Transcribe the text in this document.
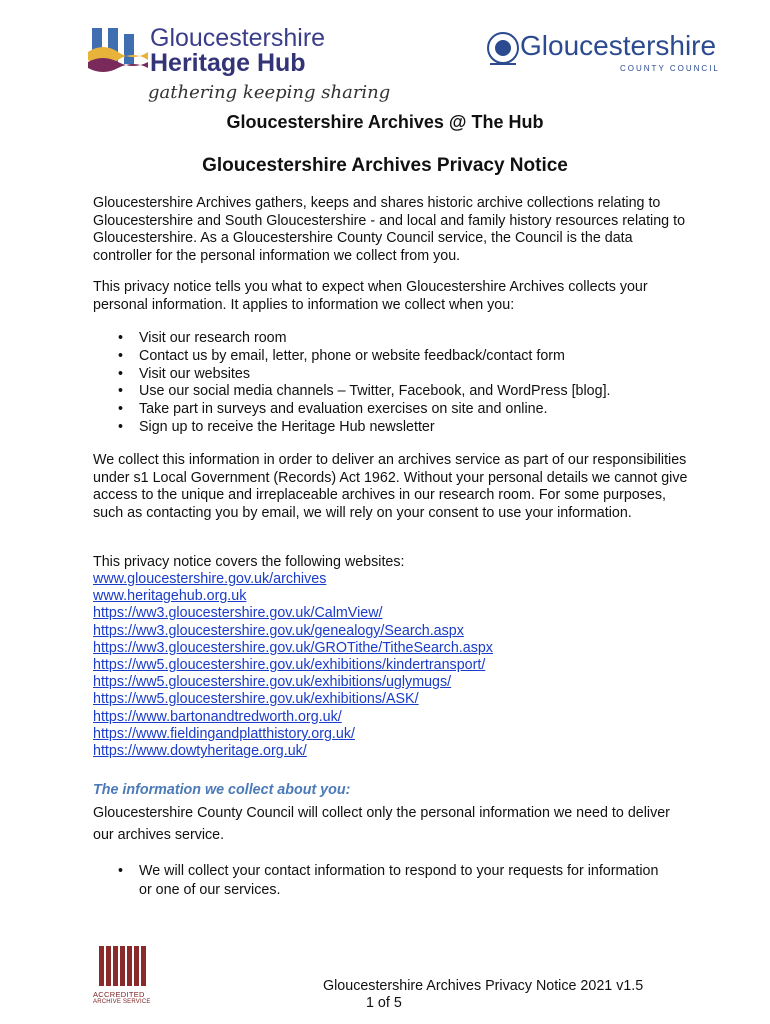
Gloucestershire
Heritage Hub
gathering keeping sharing
Gloucestershire
COUNTY COUNCIL
Gloucestershire Archives @ The Hub
Gloucestershire Archives Privacy Notice

Gloucestershire Archives gathers, keeps and shares historic archive collections relating to Gloucestershire and South Gloucestershire - and local and family history resources relating to Gloucestershire. As a Gloucestershire County Council service, the Council is the data controller for the personal information we collect from you.

This privacy notice tells you what to expect when Gloucestershire Archives collects your personal information. It applies to information we collect when you:

• Visit our research room
• Contact us by email, letter, phone or website feedback/contact form
• Visit our websites
• Use our social media channels – Twitter, Facebook, and WordPress [blog].
• Take part in surveys and evaluation exercises on site and online.
• Sign up to receive the Heritage Hub newsletter

We collect this information in order to deliver an archives service as part of our responsibilities under s1 Local Government (Records) Act 1962. Without your personal details we cannot give access to the unique and irreplaceable archives in our research room. For some purposes, such as contacting you by email, we will rely on your consent to use your information.

This privacy notice covers the following websites:

www.gloucestershire.gov.uk/archives
www.heritagehub.org.uk
https://ww3.gloucestershire.gov.uk/CalmView/
https://ww3.gloucestershire.gov.uk/genealogy/Search.aspx
https://ww3.gloucestershire.gov.uk/GROTithe/TitheSearch.aspx
https://ww5.gloucestershire.gov.uk/exhibitions/kindertransport/
https://ww5.gloucestershire.gov.uk/exhibitions/uglymugs/
https://ww5.gloucestershire.gov.uk/exhibitions/ASK/
https://www.bartonandtredworth.org.uk/
https://www.fieldingandplatthistory.org.uk/
https://www.dowtyheritage.org.uk/
The information we collect about you:

Gloucestershire County Council will collect only the personal information we need to deliver our archives service.

• We will collect your contact information to respond to your requests for information or one of our services.
ACCREDITED
ARCHIVE SERVICE
Gloucestershire Archives Privacy Notice 2021 v1.5
1 of 5
